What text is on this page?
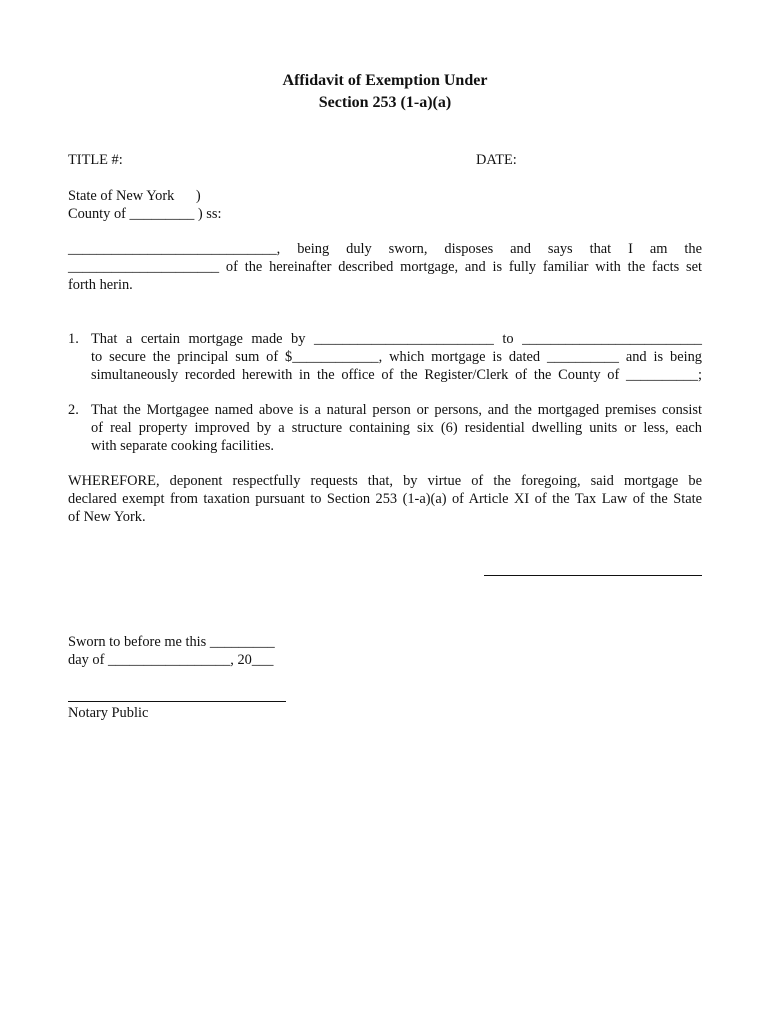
Affidavit of Exemption Under
Section 253 (1-a)(a)
TITLE #:	DATE:
State of New York      )
County of _________ ) ss:
_____________________________, being duly sworn, disposes and says that I am the
_____________________ of the hereinafter described mortgage, and is fully familiar with the facts set
forth herin.
1. That a certain mortgage made by _________________________ to _________________________
to secure the principal sum of $____________, which mortgage is dated __________ and is being
simultaneously recorded herewith in the office of the Register/Clerk of the County of __________;
2. That the Mortgagee named above is a natural person or persons, and the mortgaged premises consist
of real property improved by a structure containing six (6) residential dwelling units or less, each
with separate cooking facilities.
WHEREFORE, deponent respectfully requests that, by virtue of the foregoing, said mortgage be
declared exempt from taxation pursuant to Section 253 (1-a)(a) of Article XI of the Tax Law of the State
of New York.
Sworn to before me this _________
day of _________________, 20___
Notary Public
